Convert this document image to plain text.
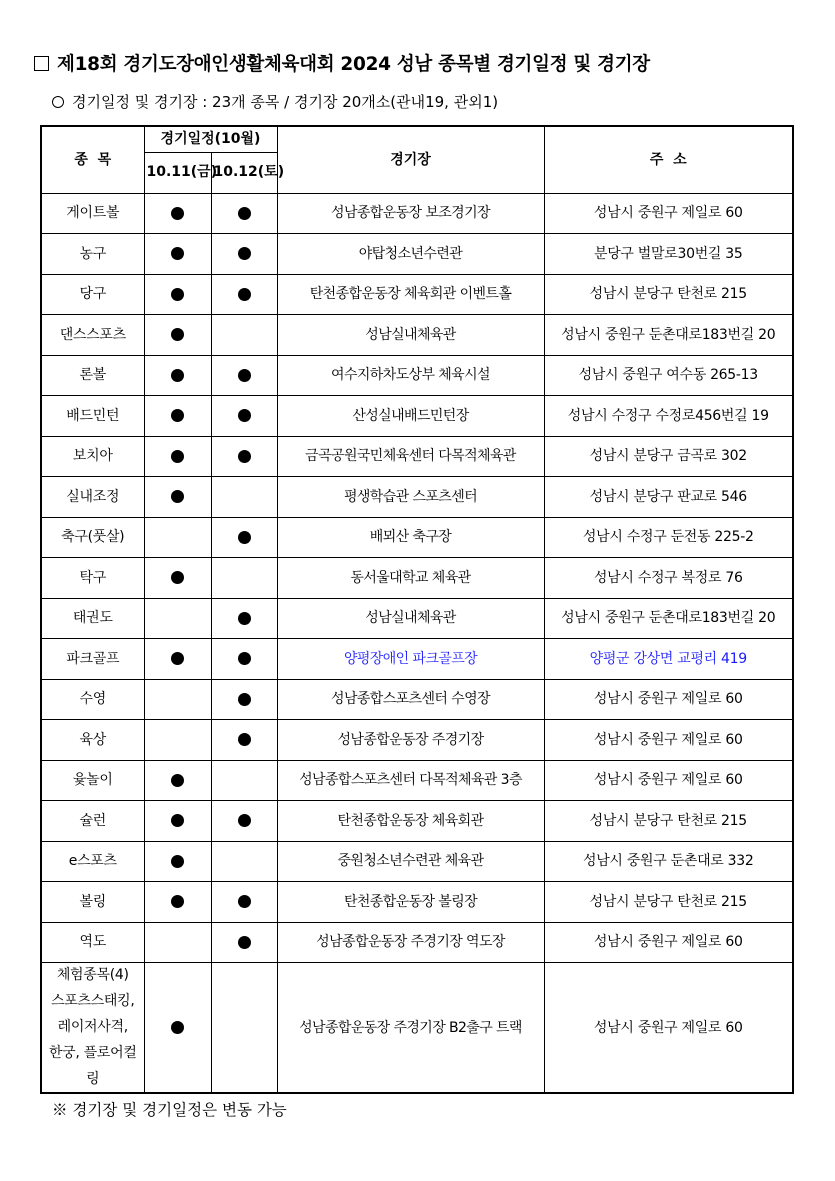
제18회 경기도장애인생활체육대회 2024 성남 종목별 경기일정 및 경기장
경기일정 및 경기장 : 23개 종목 / 경기장 20개소(관내19, 관외1)
종  목	경기일정(10월)		경기장	주  소
	10.11(금)	10.12(토)		
게이트볼			성남종합운동장 보조경기장	성남시 중원구 제일로 60
농구			야탑청소년수련관	분당구 벌말로30번길 35
당구			탄천종합운동장 체육회관 이벤트홀	성남시 분당구 탄천로 215
댄스스포츠			성남실내체육관	성남시 중원구 둔촌대로183번길 20
론볼			여수지하차도상부 체육시설	성남시 중원구 여수동 265-13
배드민턴			산성실내배드민턴장	성남시 수정구 수정로456번길 19
보치아			금곡공원국민체육센터 다목적체육관	성남시 분당구 금곡로 302
실내조정			평생학습관 스포츠센터	성남시 분당구 판교로 546
축구(풋살)			배뫼산 축구장	성남시 수정구 둔전동 225-2
탁구			동서울대학교 체육관	성남시 수정구 복정로 76
태권도			성남실내체육관	성남시 중원구 둔촌대로183번길 20
파크골프			양평장애인 파크골프장	양평군 강상면 교평리 419
수영			성남종합스포츠센터 수영장	성남시 중원구 제일로 60
육상			성남종합운동장 주경기장	성남시 중원구 제일로 60
윷놀이			성남종합스포츠센터 다목적체육관 3층	성남시 중원구 제일로 60
슐런			탄천종합운동장 체육회관	성남시 분당구 탄천로 215
e스포츠			중원청소년수련관 체육관	성남시 중원구 둔촌대로 332
볼링			탄천종합운동장 볼링장	성남시 분당구 탄천로 215
역도			성남종합운동장 주경기장 역도장	성남시 중원구 제일로 60

체험종목(4)
스포츠스태킹,
레이저사격,
한궁, 플로어컬링			성남종합운동장 주경기장 B2출구 트랙	성남시 중원구 제일로 60
※ 경기장 및 경기일정은 변동 가능
